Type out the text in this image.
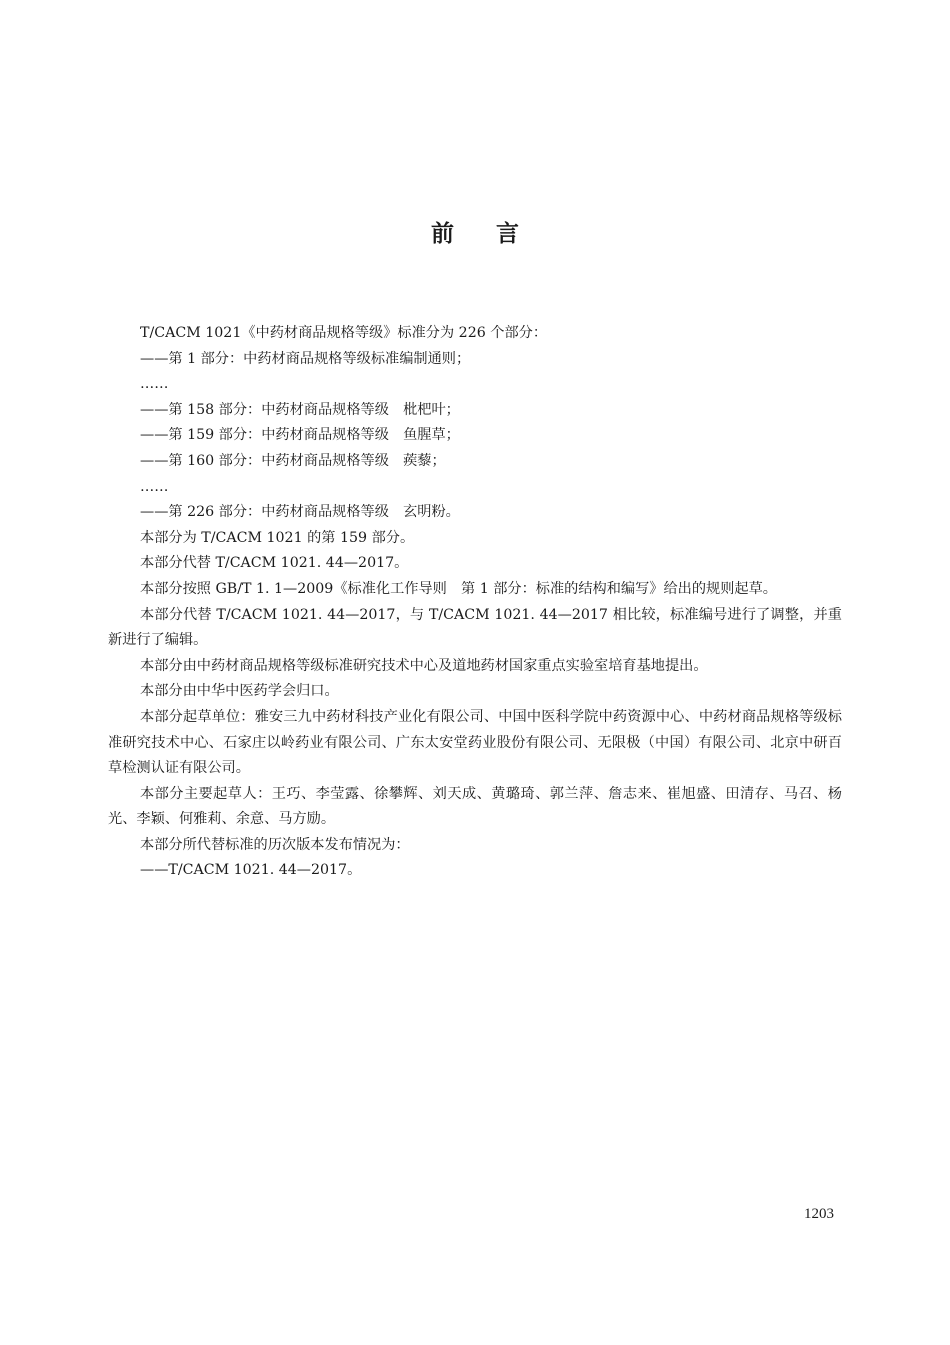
前言

T/CACM 1021《中药材商品规格等级》标准分为 226 个部分：

——第 1 部分：中药材商品规格等级标准编制通则；

……

——第 158 部分：中药材商品规格等级　枇杷叶；

——第 159 部分：中药材商品规格等级　鱼腥草；

——第 160 部分：中药材商品规格等级　蒺藜；

……

——第 226 部分：中药材商品规格等级　玄明粉。

本部分为 T/CACM 1021 的第 159 部分。

本部分代替 T/CACM 1021. 44—2017。

本部分按照 GB/T 1. 1—2009《标准化工作导则　第 1 部分：标准的结构和编写》给出的规则起草。

本部分代替 T/CACM 1021. 44—2017，与 T/CACM 1021. 44—2017 相比较，标准编号进行了调整，并重新进行了编辑。

本部分由中药材商品规格等级标准研究技术中心及道地药材国家重点实验室培育基地提出。

本部分由中华中医药学会归口。

本部分起草单位：雅安三九中药材科技产业化有限公司、中国中医科学院中药资源中心、中药材商品规格等级标准研究技术中心、石家庄以岭药业有限公司、广东太安堂药业股份有限公司、无限极（中国）有限公司、北京中研百草检测认证有限公司。

本部分主要起草人：王巧、李莹露、徐攀辉、刘天成、黄璐琦、郭兰萍、詹志来、崔旭盛、田清存、马召、杨光、李颖、何雅莉、余意、马方励。

本部分所代替标准的历次版本发布情况为：

——T/CACM 1021. 44—2017。

1203
